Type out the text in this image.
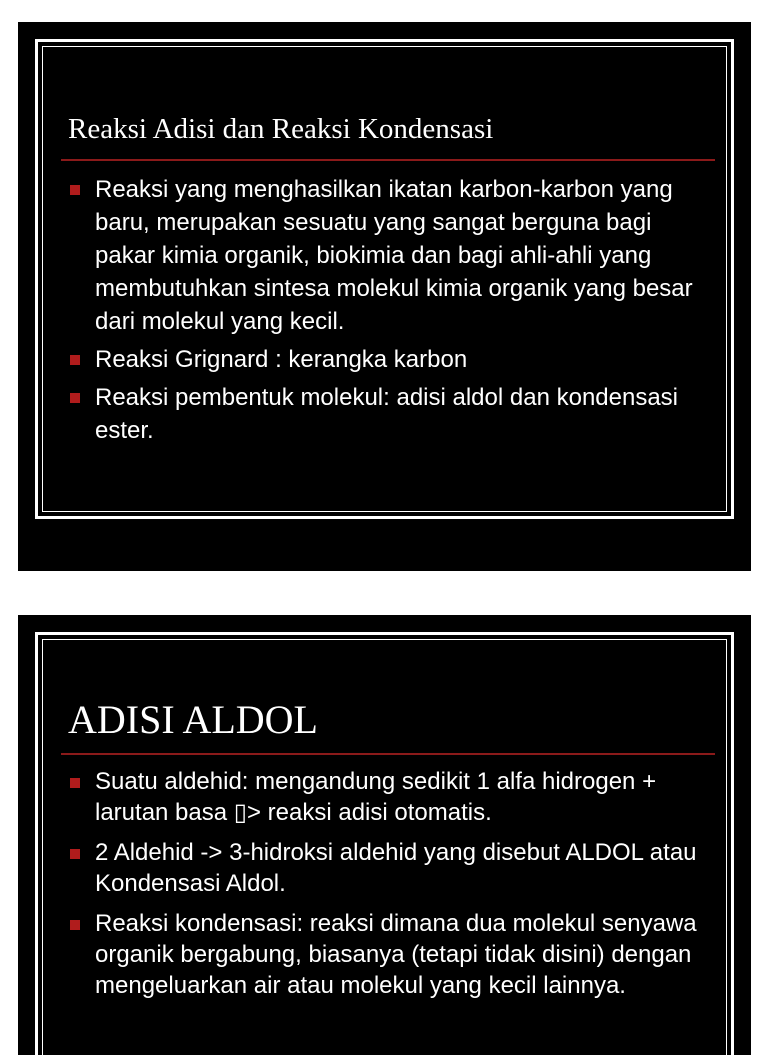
Reaksi Adisi dan Reaksi Kondensasi
Reaksi yang menghasilkan ikatan karbon-karbon yang baru, merupakan sesuatu yang sangat berguna bagi pakar kimia organik, biokimia dan bagi ahli-ahli yang membutuhkan sintesa molekul kimia organik yang besar dari molekul yang kecil.
Reaksi Grignard : kerangka karbon
Reaksi pembentuk molekul: adisi aldol dan kondensasi ester.
ADISI ALDOL
Suatu aldehid: mengandung sedikit 1 alfa hidrogen + larutan basa ▯> reaksi adisi otomatis.
2 Aldehid -> 3-hidroksi aldehid yang disebut ALDOL atau Kondensasi Aldol.
Reaksi kondensasi: reaksi dimana dua molekul senyawa organik bergabung, biasanya (tetapi tidak disini) dengan mengeluarkan air atau molekul yang kecil lainnya.
